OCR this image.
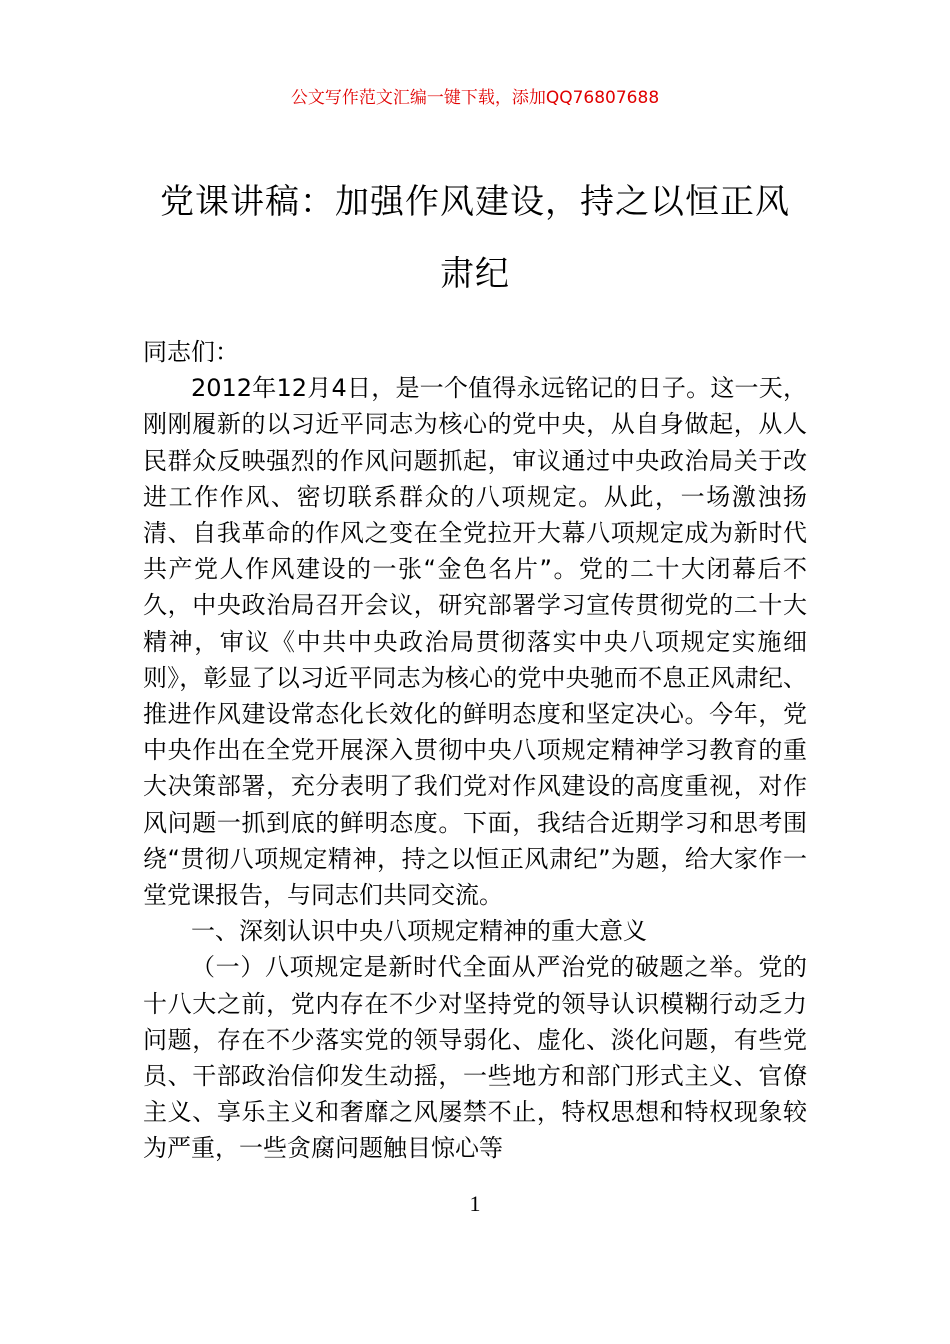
公文写作范文汇编一键下载，添加QQ76807688
党课讲稿：加强作风建设，持之以恒正风肃纪

同志们：

2012年12月4日，是一个值得永远铭记的日子。这一天，刚刚履新的以习近平同志为核心的党中央，从自身做起，从人民群众反映强烈的作风问题抓起，审议通过中央政治局关于改进工作作风、密切联系群众的八项规定。从此，一场激浊扬清、自我革命的作风之变在全党拉开大幕八项规定成为新时代共产党人作风建设的一张“金色名片”。党的二十大闭幕后不久，中央政治局召开会议，研究部署学习宣传贯彻党的二十大精神，审议《中共中央政治局贯彻落实中央八项规定实施细则》，彰显了以习近平同志为核心的党中央驰而不息正风肃纪、推进作风建设常态化长效化的鲜明态度和坚定决心。今年，党中央作出在全党开展深入贯彻中央八项规定精神学习教育的重大决策部署，充分表明了我们党对作风建设的高度重视，对作风问题一抓到底的鲜明态度。下面，我结合近期学习和思考围绕“贯彻八项规定精神，持之以恒正风肃纪”为题，给大家作一堂党课报告，与同志们共同交流。

一、深刻认识中央八项规定精神的重大意义

（一）八项规定是新时代全面从严治党的破题之举。党的十八大之前，党内存在不少对坚持党的领导认识模糊行动乏力问题，存在不少落实党的领导弱化、虚化、淡化问题，有些党员、干部政治信仰发生动摇，一些地方和部门形式主义、官僚主义、享乐主义和奢靡之风屡禁不止，特权思想和特权现象较为严重，一些贪腐问题触目惊心等

1
